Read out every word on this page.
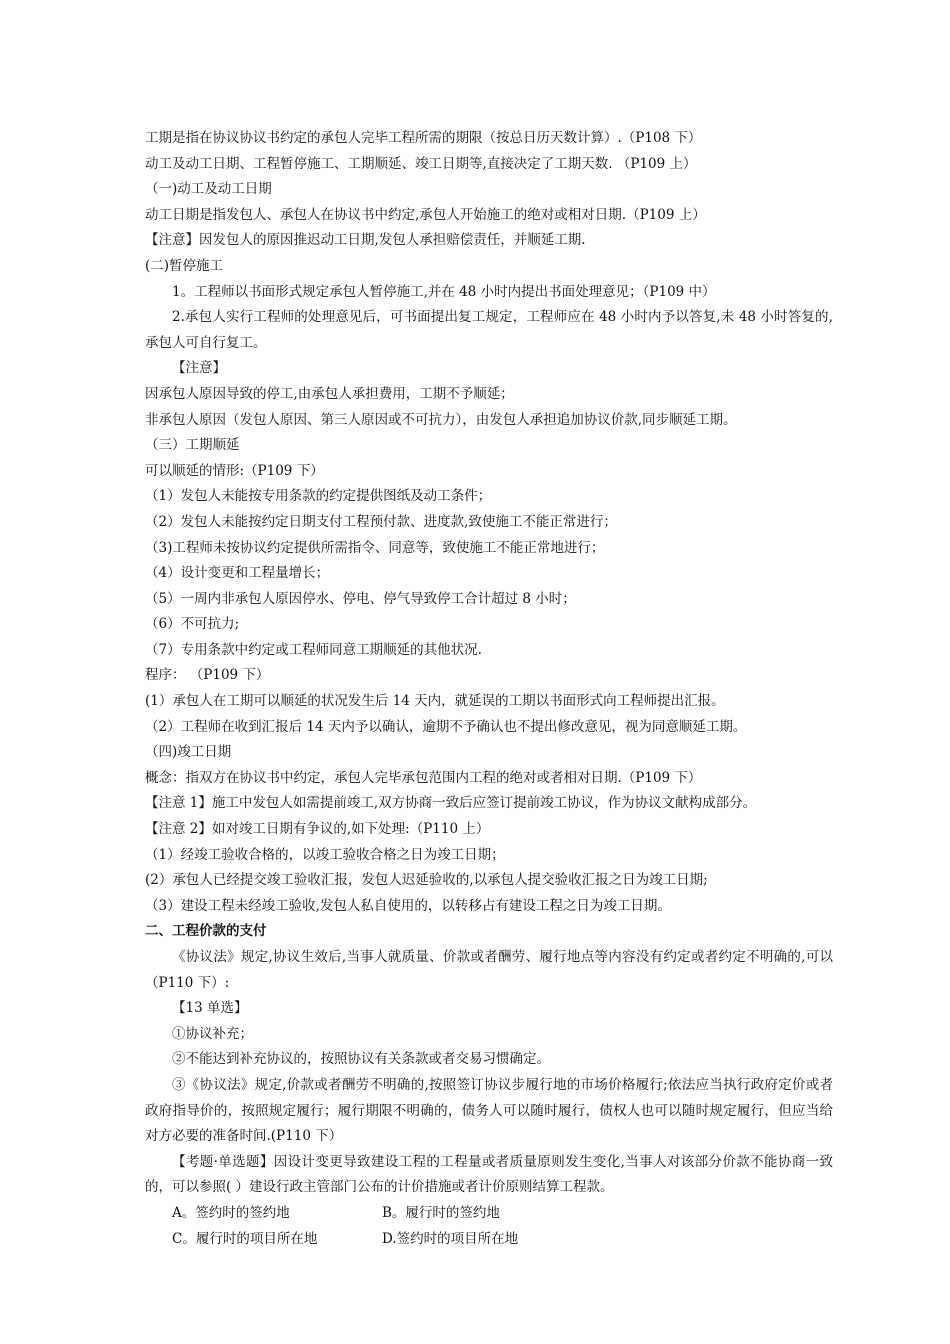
工期是指在协议协议书约定的承包人完毕工程所需的期限（按总日历天数计算）.（P108 下）
动工及动工日期、工程暂停施工、工期顺延、竣工日期等,直接决定了工期天数. （P109 上）
（一)动工及动工日期
动工日期是指发包人、承包人在协议书中约定,承包人开始施工的绝对或相对日期.（P109 上）
【注意】因发包人的原因推迟动工日期,发包人承担赔偿责任，并顺延工期.
(二)暂停施工
1。工程师以书面形式规定承包人暂停施工,并在 48 小时内提出书面处理意见；（P109 中）
2.承包人实行工程师的处理意见后，可书面提出复工规定，工程师应在 48 小时内予以答复,未 48 小时答复的,承包人可自行复工。
【注意】
因承包人原因导致的停工,由承包人承担费用，工期不予顺延；
非承包人原因（发包人原因、第三人原因或不可抗力），由发包人承担追加协议价款,同步顺延工期。
（三）工期顺延
可以顺延的情形:（P109 下）
（1）发包人未能按专用条款的约定提供图纸及动工条件；
（2）发包人未能按约定日期支付工程预付款、进度款,致使施工不能正常进行；
（3)工程师未按协议约定提供所需指令、同意等，致使施工不能正常地进行；
（4）设计变更和工程量增长；
（5）一周内非承包人原因停水、停电、停气导致停工合计超过 8 小时；
（6）不可抗力;
（7）专用条款中约定或工程师同意工期顺延的其他状况.
程序： （P109 下）
(1）承包人在工期可以顺延的状况发生后 14 天内，就延误的工期以书面形式向工程师提出汇报。
（2）工程师在收到汇报后 14 天内予以确认，逾期不予确认也不提出修改意见，视为同意顺延工期。
（四)竣工日期
概念：指双方在协议书中约定，承包人完毕承包范围内工程的绝对或者相对日期.（P109 下）
【注意 1】施工中发包人如需提前竣工,双方协商一致后应签订提前竣工协议，作为协议文献构成部分。
【注意 2】如对竣工日期有争议的,如下处理:（P110 上）
（1）经竣工验收合格的，以竣工验收合格之日为竣工日期；
(2）承包人已经提交竣工验收汇报，发包人迟延验收的,以承包人提交验收汇报之日为竣工日期;
（3）建设工程未经竣工验收,发包人私自使用的，以转移占有建设工程之日为竣工日期。
二、工程价款的支付
《协议法》规定,协议生效后,当事人就质量、价款或者酬劳、履行地点等内容没有约定或者约定不明确的,可以（P110 下）:
【13 单选】
①协议补充；
②不能达到补充协议的，按照协议有关条款或者交易习惯确定。
③《协议法》规定,价款或者酬劳不明确的,按照签订协议步履行地的市场价格履行;依法应当执行政府定价或者政府指导价的，按照规定履行；履行期限不明确的，债务人可以随时履行，债权人也可以随时规定履行，但应当给对方必要的准备时间.(P110 下）
【考题·单选题】因设计变更导致建设工程的工程量或者质量原则发生变化,当事人对该部分价款不能协商一致的，可以参照( ）建设行政主管部门公布的计价措施或者计价原则结算工程款。
A。签约时的签约地	B。履行时的签约地
C。履行时的项目所在地	D.签约时的项目所在地
